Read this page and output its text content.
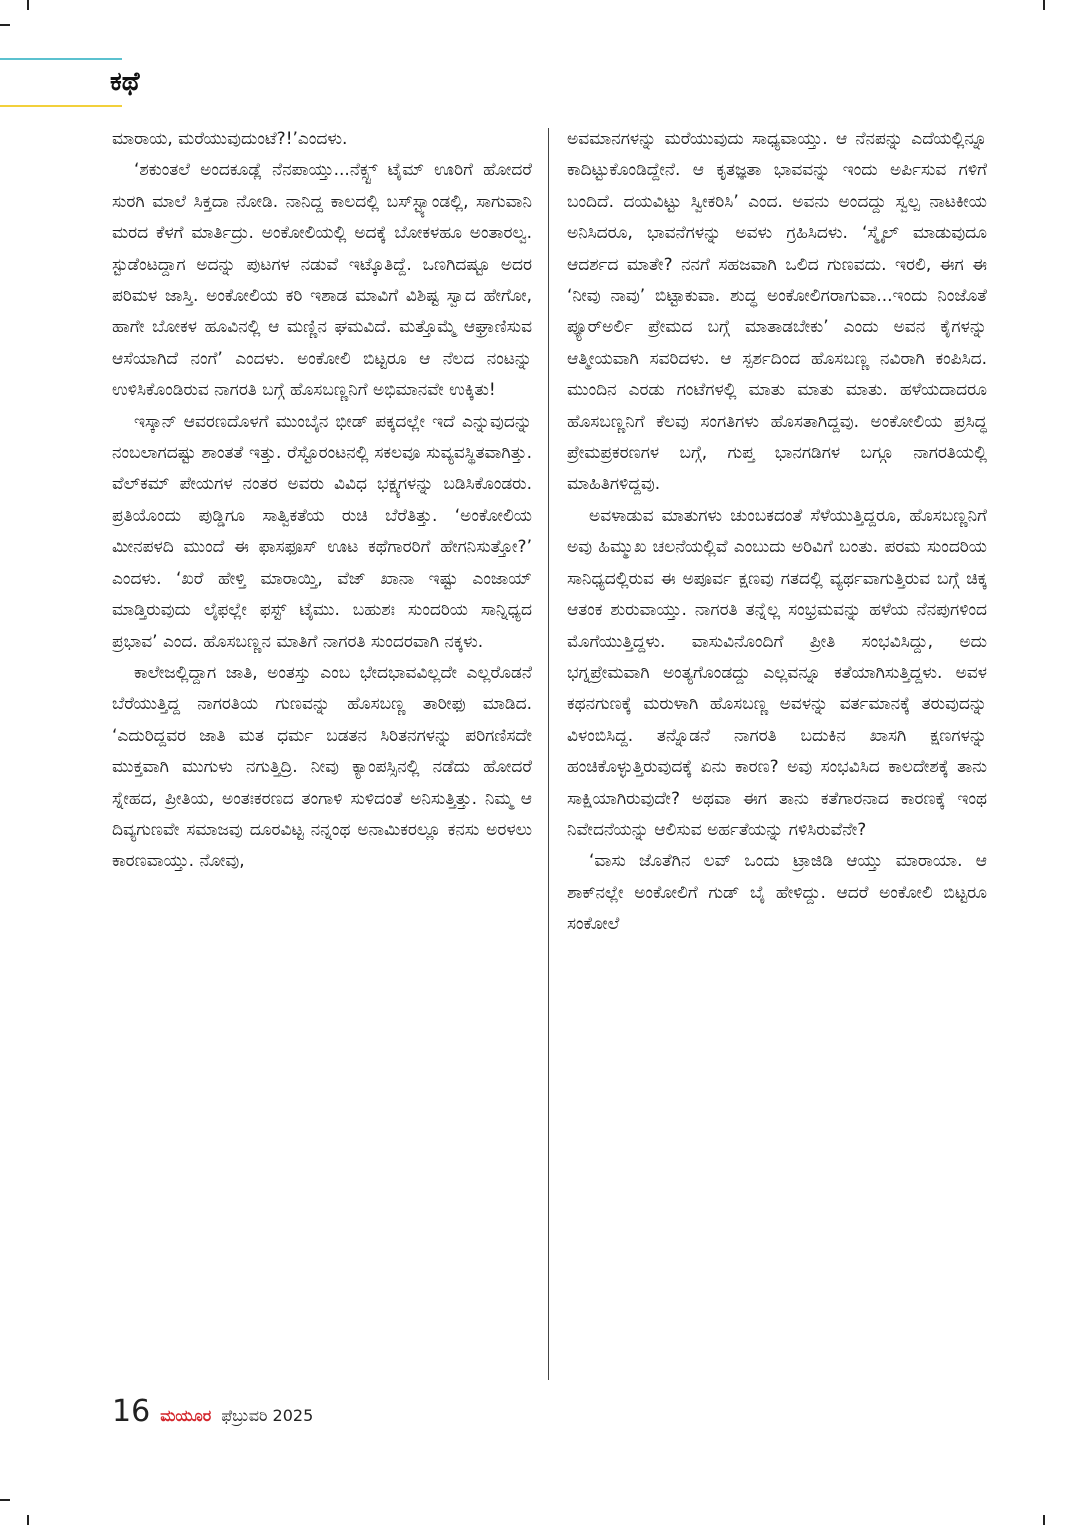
ಕಥೆ

ಮಾರಾಯ, ಮರೆಯುವುದುಂಟೆ?!’ಎಂದಳು.

‘ಶಕುಂತಲೆ ಅಂದಕೂಡ್ಲೆ ನೆನಪಾಯ್ತು...ನೆಕ್ಸ್ಟ್ ಟೈಮ್ ಊರಿಗೆ ಹೋದರೆ ಸುರಗಿ ಮಾಲೆ ಸಿಕ್ತದಾ ನೋಡಿ. ನಾನಿದ್ದ ಕಾಲದಲ್ಲಿ ಬಸ್‌ಸ್ಟ್ಯಾಂಡಲ್ಲಿ, ಸಾಗುವಾನಿ ಮರದ ಕೆಳಗೆ ಮಾರ್ತಿದ್ರು. ಅಂಕೋಲಿಯಲ್ಲಿ ಅದಕ್ಕೆ ಬೋಕಳಹೂ ಅಂತಾರಲ್ವ. ಸ್ಟುಡೆಂಟದ್ದಾಗ ಅದನ್ನು ಪುಟಗಳ ನಡುವೆ ಇಟ್ಕೊತಿದ್ದೆ. ಒಣಗಿದಷ್ಟೂ ಅದರ ಪರಿಮಳ ಜಾಸ್ತಿ. ಅಂಕೋಲಿಯ ಕರಿ ಇಶಾಡ ಮಾವಿಗೆ ವಿಶಿಷ್ಟ ಸ್ವಾದ ಹೇಗೋ, ಹಾಗೇ ಬೋಕಳ ಹೂವಿನಲ್ಲಿ ಆ ಮಣ್ಣಿನ ಘಮವಿದೆ. ಮತ್ತೊಮ್ಮೆ ಆಘ್ರಾಣಿಸುವ ಆಸೆಯಾಗಿದೆ ನಂಗೆ’ ಎಂದಳು. ಅಂಕೋಲಿ ಬಿಟ್ಟರೂ ಆ ನೆಲದ ನಂಟನ್ನು ಉಳಿಸಿಕೊಂಡಿರುವ ನಾಗರತಿ ಬಗ್ಗೆ ಹೊಸಬಣ್ಣನಿಗೆ ಅಭಿಮಾನವೇ ಉಕ್ಕಿತು!

ಇಸ್ಕಾನ್ ಆವರಣದೊಳಗೆ ಮುಂಬೈನ ಭೀಡ್ ಪಕ್ಕದಲ್ಲೇ ಇದೆ ಎನ್ನುವುದನ್ನು ನಂಬಲಾಗದಷ್ಟು ಶಾಂತತೆ ಇತ್ತು. ರೆಸ್ಟೊರಂಟನಲ್ಲಿ ಸಕಲವೂ ಸುವ್ಯವಸ್ಥಿತವಾಗಿತ್ತು. ವೆಲ್‌ಕಮ್ ಪೇಯಗಳ ನಂತರ ಅವರು ವಿವಿಧ ಭಕ್ಷ್ಯಗಳನ್ನು ಬಡಿಸಿಕೊಂಡರು. ಪ್ರತಿಯೊಂದು ಪುಡ್ಡಿಗೂ ಸಾತ್ವಿಕತೆಯ ರುಚಿ ಬೆರೆತಿತ್ತು. ‘ಅಂಕೋಲಿಯ ಮೀನಪಳದಿ ಮುಂದೆ ಈ ಫಾಸಫೂಸ್ ಊಟ ಕಥೆಗಾರರಿಗೆ ಹೇಗನಿಸುತ್ತೋ?’ ಎಂದಳು. ‘ಖರೆ ಹೇಳ್ತಿ ಮಾರಾಯ್ತಿ, ವೆಜ್ ಖಾನಾ ಇಷ್ಟು ಎಂಜಾಯ್ ಮಾಡ್ತಿರುವುದು ಲೈಫಲ್ಲೇ ಫಸ್ಟ್ ಟೈಮು. ಬಹುಶಃ ಸುಂದರಿಯ ಸಾನ್ನಿಧ್ಯದ ಪ್ರಭಾವ’ ಎಂದ. ಹೊಸಬಣ್ಣನ ಮಾತಿಗೆ ನಾಗರತಿ ಸುಂದರವಾಗಿ ನಕ್ಕಳು.

ಕಾಲೇಜಲ್ಲಿದ್ದಾಗ ಜಾತಿ, ಅಂತಸ್ತು ಎಂಬ ಭೇದಭಾವವಿಲ್ಲದೇ ಎಲ್ಲರೊಡನೆ ಬೆರೆಯುತ್ತಿದ್ದ ನಾಗರತಿಯ ಗುಣವನ್ನು ಹೊಸಬಣ್ಣ ತಾರೀಫು ಮಾಡಿದ. ‘ಎದುರಿದ್ದವರ ಜಾತಿ ಮತ ಧರ್ಮ ಬಡತನ ಸಿರಿತನಗಳನ್ನು ಪರಿಗಣಿಸದೇ ಮುಕ್ತವಾಗಿ ಮುಗುಳು ನಗುತ್ತಿದ್ರಿ. ನೀವು ಕ್ಯಾಂಪಸ್ಸಿನಲ್ಲಿ ನಡೆದು ಹೋದರೆ ಸ್ನೇಹದ, ಪ್ರೀತಿಯ, ಅಂತಃಕರಣದ ತಂಗಾಳಿ ಸುಳಿದಂತೆ ಅನಿಸುತ್ತಿತ್ತು. ನಿಮ್ಮ ಆ ದಿವ್ಯಗುಣವೇ ಸಮಾಜವು ದೂರವಿಟ್ಟ ನನ್ನಂಥ ಅನಾಮಿಕರಲ್ಲೂ ಕನಸು ಅರಳಲು ಕಾರಣವಾಯ್ತು. ನೋವು,

ಅವಮಾನಗಳನ್ನು ಮರೆಯುವುದು ಸಾಧ್ಯವಾಯ್ತು. ಆ ನೆನಪನ್ನು ಎದೆಯಲ್ಲಿನ್ನೂ ಕಾದಿಟ್ಟುಕೊಂಡಿದ್ದೇನೆ. ಆ ಕೃತಜ್ಞತಾ ಭಾವವನ್ನು ಇಂದು ಅರ್ಪಿಸುವ ಗಳಿಗೆ ಬಂದಿದೆ. ದಯವಿಟ್ಟು ಸ್ವೀಕರಿಸಿ’ ಎಂದ. ಅವನು ಅಂದದ್ದು ಸ್ವಲ್ಪ ನಾಟಕೀಯ ಅನಿಸಿದರೂ, ಭಾವನೆಗಳನ್ನು ಅವಳು ಗ್ರಹಿಸಿದಳು. ‘ಸ್ಮೈಲ್ ಮಾಡುವುದೂ ಆದರ್ಶದ ಮಾತೇ? ನನಗೆ ಸಹಜವಾಗಿ ಒಲಿದ ಗುಣವದು. ಇರಲಿ, ಈಗ ಈ ‘ನೀವು ನಾವು’ ಬಿಟ್ಟಾಕುವಾ. ಶುದ್ಧ ಅಂಕೋಲಿಗರಾಗುವಾ...ಇಂದು ನಿಂಜೊತೆ ಪ್ಯೂರ್‌ಅರ್ಲಿ ಪ್ರೇಮದ ಬಗ್ಗೆ ಮಾತಾಡಬೇಕು’ ಎಂದು ಅವನ ಕೈಗಳನ್ನು ಆತ್ಮೀಯವಾಗಿ ಸವರಿದಳು. ಆ ಸ್ಪರ್ಶದಿಂದ ಹೊಸಬಣ್ಣ ನವಿರಾಗಿ ಕಂಪಿಸಿದ. ಮುಂದಿನ ಎರಡು ಗಂಟೆಗಳಲ್ಲಿ ಮಾತು ಮಾತು ಮಾತು. ಹಳೆಯದಾದರೂ ಹೊಸಬಣ್ಣನಿಗೆ ಕೆಲವು ಸಂಗತಿಗಳು ಹೊಸತಾಗಿದ್ದವು. ಅಂಕೋಲಿಯ ಪ್ರಸಿದ್ಧ ಪ್ರೇಮಪ್ರಕರಣಗಳ ಬಗ್ಗೆ, ಗುಪ್ತ ಭಾನಗಡಿಗಳ ಬಗ್ಗೂ ನಾಗರತಿಯಲ್ಲಿ ಮಾಹಿತಿಗಳಿದ್ದವು.

ಅವಳಾಡುವ ಮಾತುಗಳು ಚುಂಬಕದಂತೆ ಸೆಳೆಯುತ್ತಿದ್ದರೂ, ಹೊಸಬಣ್ಣನಿಗೆ ಅವು ಹಿಮ್ಮುಖ ಚಲನೆಯಲ್ಲಿವೆ ಎಂಬುದು ಅರಿವಿಗೆ ಬಂತು. ಪರಮ ಸುಂದರಿಯ ಸಾನಿಧ್ಯದಲ್ಲಿರುವ ಈ ಅಪೂರ್ವ ಕ್ಷಣವು ಗತದಲ್ಲಿ ವ್ಯರ್ಥವಾಗುತ್ತಿರುವ ಬಗ್ಗೆ ಚಿಕ್ಕ ಆತಂಕ ಶುರುವಾಯ್ತು. ನಾಗರತಿ ತನ್ನೆಲ್ಲ ಸಂಭ್ರಮವನ್ನು ಹಳೆಯ ನೆನಪುಗಳಿಂದ ಮೊಗೆಯುತ್ತಿದ್ದಳು. ವಾಸುವಿನೊಂದಿಗೆ ಪ್ರೀತಿ ಸಂಭವಿಸಿದ್ದು, ಅದು ಭಗ್ನಪ್ರೇಮವಾಗಿ ಅಂತ್ಯಗೊಂಡದ್ದು ಎಲ್ಲವನ್ನೂ ಕತೆಯಾಗಿಸುತ್ತಿದ್ದಳು. ಅವಳ ಕಥನಗುಣಕ್ಕೆ ಮರುಳಾಗಿ ಹೊಸಬಣ್ಣ ಅವಳನ್ನು ವರ್ತಮಾನಕ್ಕೆ ತರುವುದನ್ನು ವಿಳಂಬಿಸಿದ್ದ. ತನ್ನೊಡನೆ ನಾಗರತಿ ಬದುಕಿನ ಖಾಸಗಿ ಕ್ಷಣಗಳನ್ನು ಹಂಚಿಕೊಳ್ಳುತ್ತಿರುವುದಕ್ಕೆ ಏನು ಕಾರಣ? ಅವು ಸಂಭವಿಸಿದ ಕಾಲದೇಶಕ್ಕೆ ತಾನು ಸಾಕ್ಷಿಯಾಗಿರುವುದೇ? ಅಥವಾ ಈಗ ತಾನು ಕತೆಗಾರನಾದ ಕಾರಣಕ್ಕೆ ಇಂಥ ನಿವೇದನೆಯನ್ನು ಆಲಿಸುವ ಅರ್ಹತೆಯನ್ನು ಗಳಿಸಿರುವೆನೇ?

‘ವಾಸು ಜೊತೆಗಿನ ಲವ್ ಒಂದು ಟ್ರಾಜಿಡಿ ಆಯ್ತು ಮಾರಾಯಾ. ಆ ಶಾಕ್‌ನಲ್ಲೇ ಅಂಕೋಲಿಗೆ ಗುಡ್ ಬೈ ಹೇಳಿದ್ದು. ಆದರೆ ಅಂಕೋಲಿ ಬಿಟ್ಟರೂ ಸಂಕೋಲೆ

16 ಮಯೂರ ಫೆಬ್ರುವರಿ 2025
